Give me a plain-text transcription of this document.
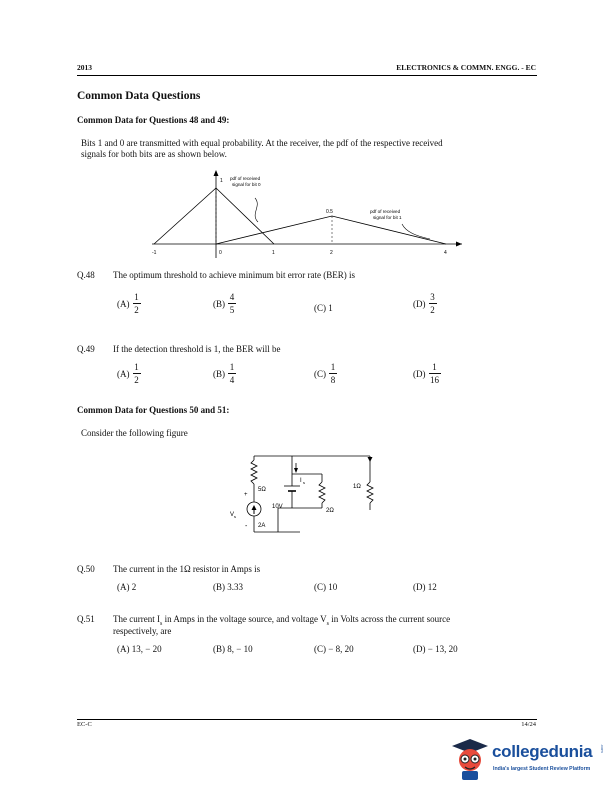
2013	ELECTRONICS & COMMN. ENGG. - EC
Common Data Questions
Common Data for Questions 48 and 49:
Bits 1 and 0 are transmitted with equal probability. At the receiver, the pdf of the respective received
signals for both bits are as shown below.
1
0.5
pdf of received
signal for bit 0
pdf of received
signal for bit 1
-1	0	1	2	4
Q.48 The optimum threshold to achieve minimum bit error rate (BER) is
$(A) \frac{1}{2}$	$(B) \frac{4}{5}$	(C) 1	$(D) \frac{3}{2}$
Q.49 If the detection threshold is 1, the BER will be
$(A) \frac{1}{2}$	$(B) \frac{1}{4}$	$(C) \frac{1}{8}$	$(D) \frac{1}{16}$
Common Data for Questions 50 and 51:
Consider the following figure
5Ω
2Ω
1Ω
10V
2A
I s
V s
+
-
Q.50 The current in the 1Ω resistor in Amps is
(A) 2	(B) 3.33	(C) 10	(D) 12
Q.51 The current $I_s$ in Amps in the voltage source, and voltage $V_s$ in Volts across the current source
respectively, are
(A) 13, − 20	(B) 8, − 10	(C) − 8, 20	(D) − 13, 20
EC-C	14/24
collegedunia .com
India's largest Student Review Platform
